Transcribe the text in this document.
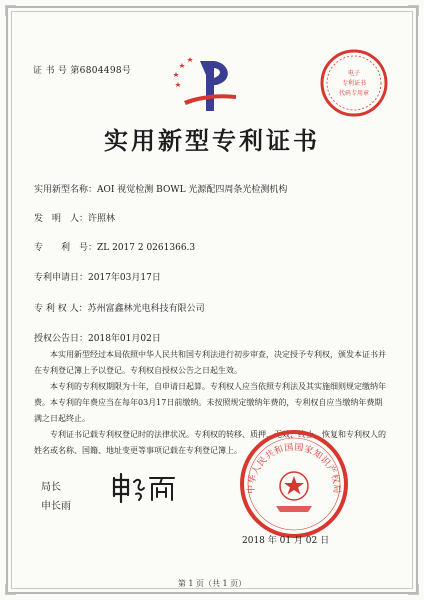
证 书 号 第6804498号	电子
专利证书
代码专用章
实用新型专利证书
实用新型名称：AOI 视觉检测 BOWL 光源配四周条光检测机构
发　明　人：许照林
专　　利　号：ZL 2017 2 0261366.3
专利申请日：2017年03月17日
专 利 权 人：苏州富鑫林光电科技有限公司
授权公告日：2018年01月02日

本实用新型经过本局依照中华人民共和国专利法进行初步审查，决定授予专利权，颁发本证书并在专利登记簿上予以登记。专利权自授权公告之日起生效。

本专利的专利权期限为十年，自申请日起算。专利权人应当依照专利法及其实施细则规定缴纳年费。本专利的年费应当在每年03月17日前缴纳。未按照规定缴纳年费的，专利权自应当缴纳年费期满之日起终止。

专利证书记载专利权登记时的法律状况。专利权的转移、质押、无效、终止、恢复和专利权人的姓名或名称、国籍、地址变更等事项记载在专利登记簿上。

中华人民共和国国家知识产权局
局长
申长雨
2018 年 01 月 02 日
第 1 页（共 1 页）
